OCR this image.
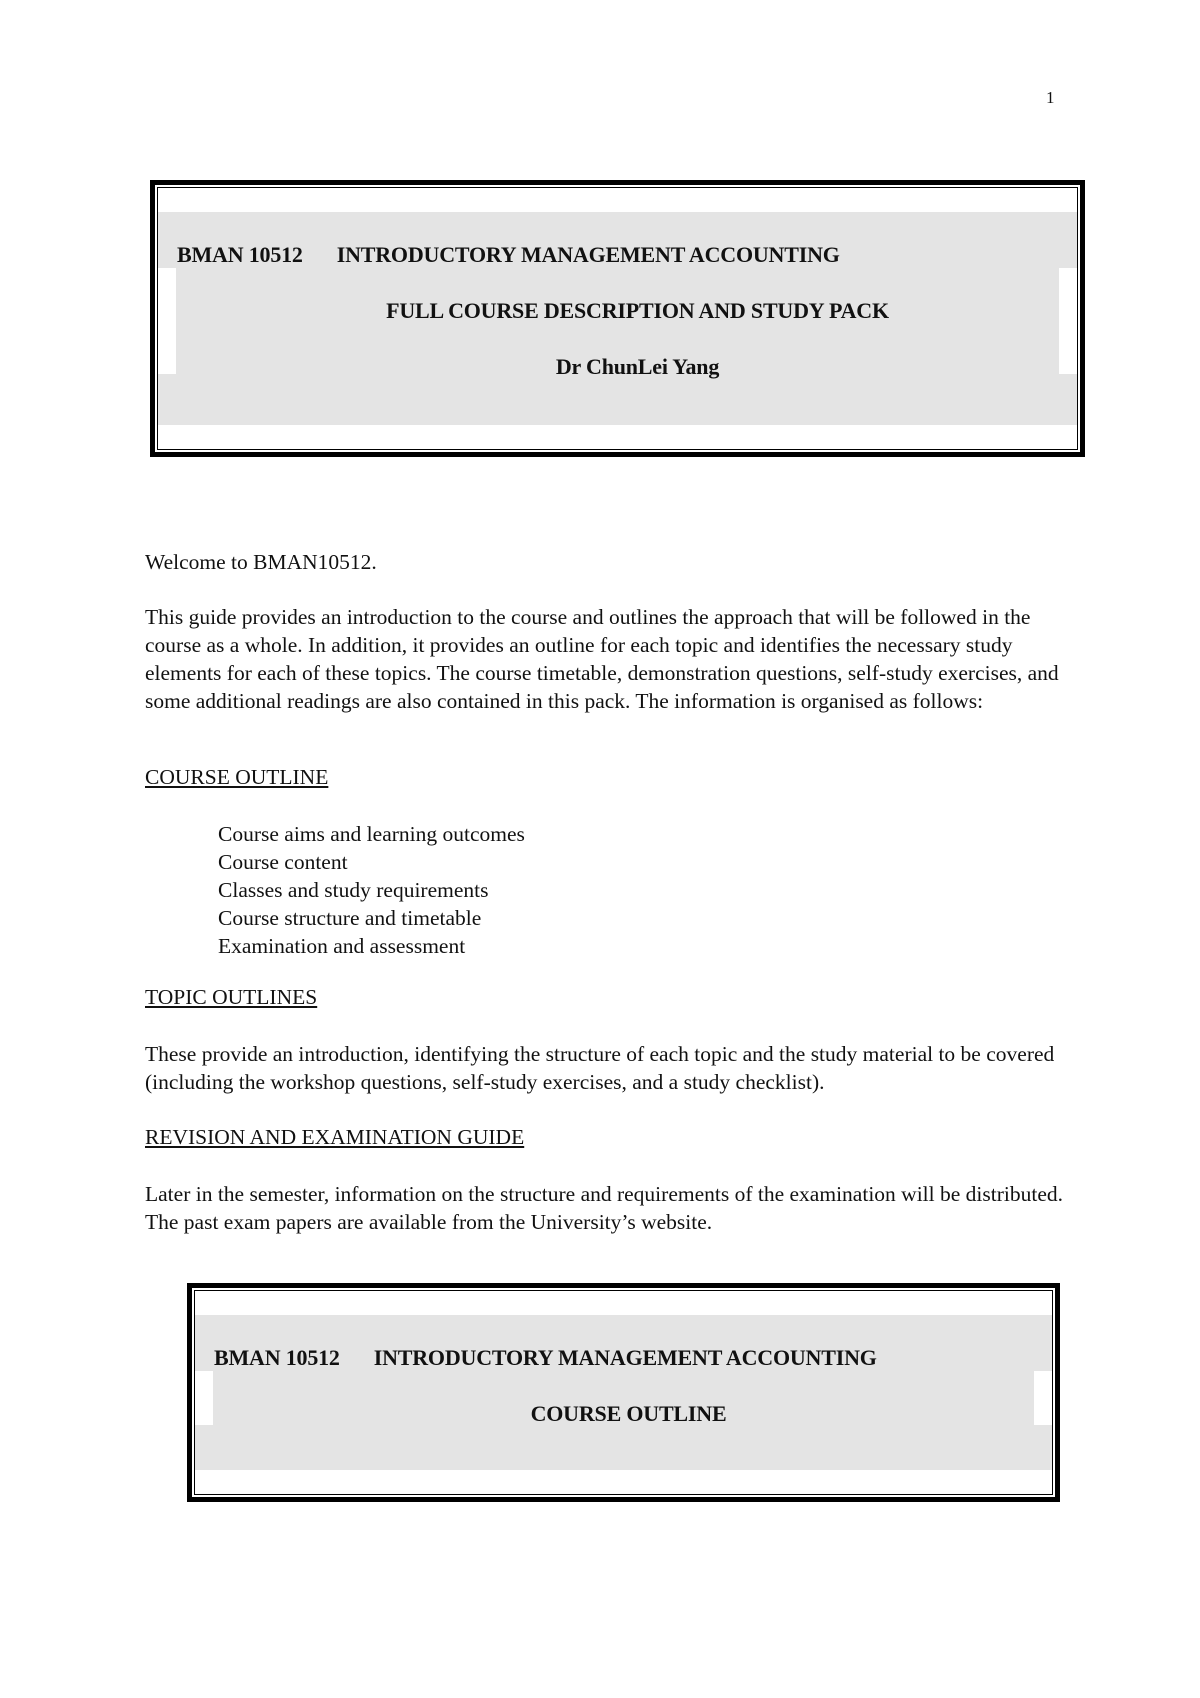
1
BMAN 10512 INTRODUCTORY MANAGEMENT ACCOUNTING
FULL COURSE DESCRIPTION AND STUDY PACK
Dr ChunLei Yang
Welcome to BMAN10512.
This guide provides an introduction to the course and outlines the approach that will be followed in the course as a whole. In addition, it provides an outline for each topic and identifies the necessary study elements for each of these topics. The course timetable, demonstration questions, self-study exercises, and some additional readings are also contained in this pack. The information is organised as follows:
COURSE OUTLINE
Course aims and learning outcomes
Course content
Classes and study requirements
Course structure and timetable
Examination and assessment
TOPIC OUTLINES
These provide an introduction, identifying the structure of each topic and the study material to be covered (including the workshop questions, self-study exercises, and a study checklist).
REVISION AND EXAMINATION GUIDE
Later in the semester, information on the structure and requirements of the examination will be distributed. The past exam papers are available from the University’s website.
BMAN 10512 INTRODUCTORY MANAGEMENT ACCOUNTING
COURSE OUTLINE
